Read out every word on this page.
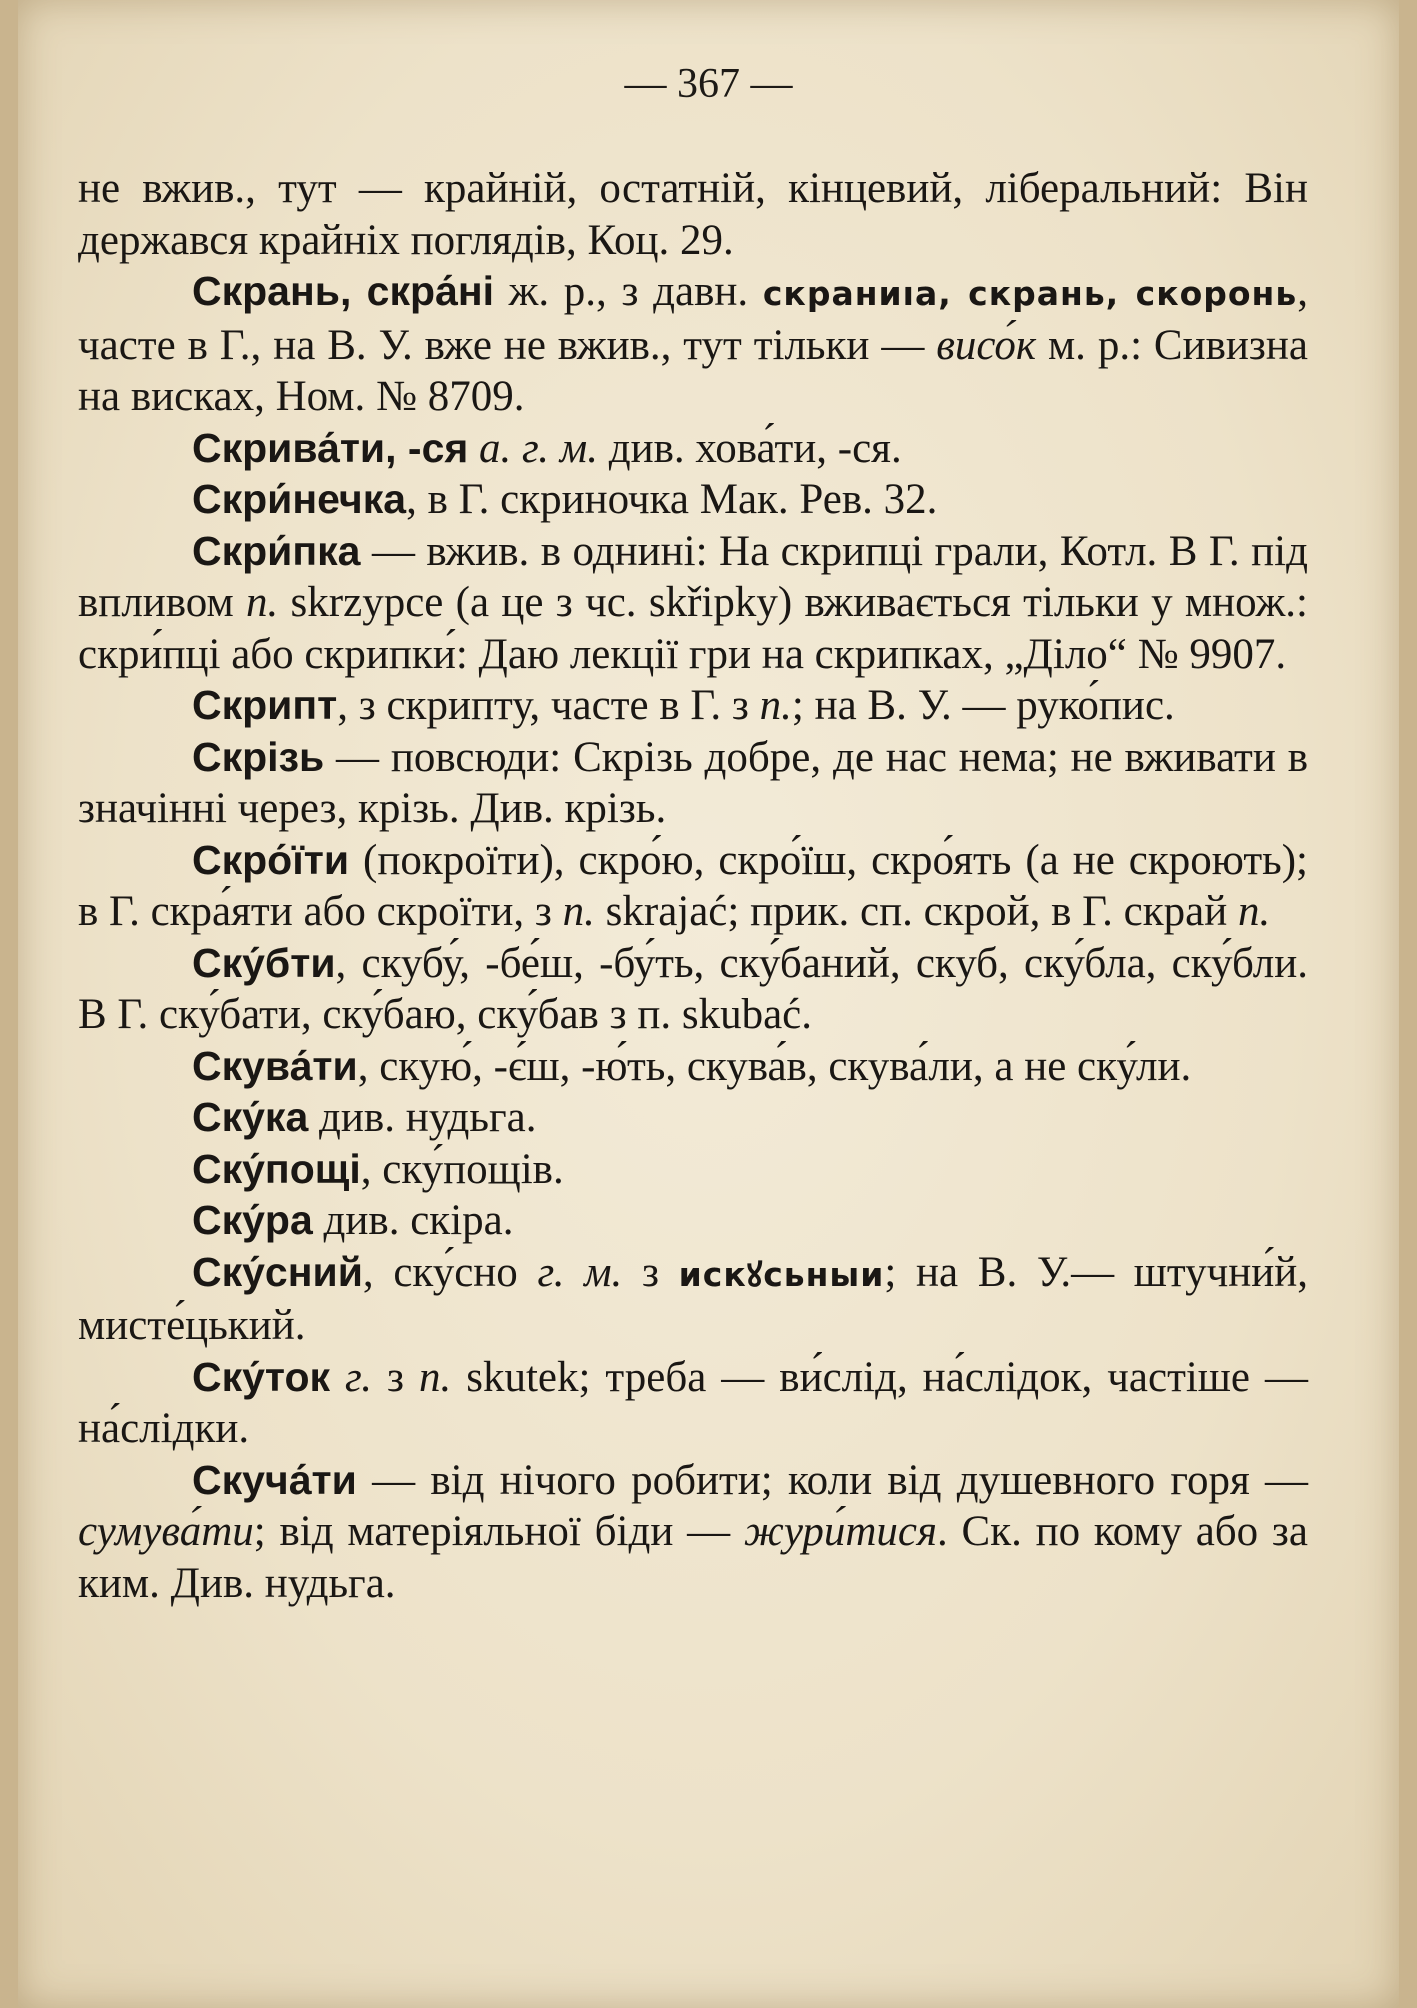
— 367 —

не вжив., тут — крайній, остатній, кінцевий, ліберальний: Він держався крайніх поглядів, Коц. 29.

Скрань, скра́ні ж. р., з давн. скраниıa, скрань, скоронь, часте в Г., на В. У. вже не вжив., тут тільки — висо́к м. р.: Сивизна на висках, Ном. № 8709.

Скрива́ти, -ся а. г. м. див. хова́ти, -ся.

Скри́нечка, в Г. скриночка Мак. Рев. 32.

Скри́пка — вжив. в однині: На скрипці грали, Котл. В Г. під впливом п. skrzypce (а це з чс. skřipky) вживається тільки у множ.: скри́пці або скрипки́: Даю лекції гри на скрипках, „Діло“ № 9907.

Скрипт, з скрипту, часте в Г. з п.; на В. У. — руко́пис.

Скрізь — повсюди: Скрізь добре, де нас нема; не вживати в значінні через, крізь. Див. крізь.

Скро́їти (покроїти), скро́ю, скро́їш, скро́ять (а не скроють); в Г. скра́яти або скроїти, з п. skrajać; прик. сп. скрой, в Г. скрай п.

Ску́бти, скубу́, -бе́ш, -бу́ть, ску́баний, скуб, ску́бла, ску́бли. В Г. ску́бати, ску́баю, ску́бав з п. skubać.

Скува́ти, скую́, -є́ш, -ю́ть, скува́в, скува́ли, а не ску́ли.

Ску́ка див. нудьга.

Ску́пощі, ску́пощів.

Ску́ра див. скіра.

Ску́сний, ску́сно г. м. з искꙋсьныи; на В. У.— штучни́й, мисте́цький.

Ску́ток г. з п. skutek; треба — ви́слід, на́слідок, частіше — на́слідки.

Скуча́ти — від нічого робити; коли від душевного горя — сумува́ти; від матеріяльної біди — жури́тися. Ск. по кому або за ким. Див. нудьга.
